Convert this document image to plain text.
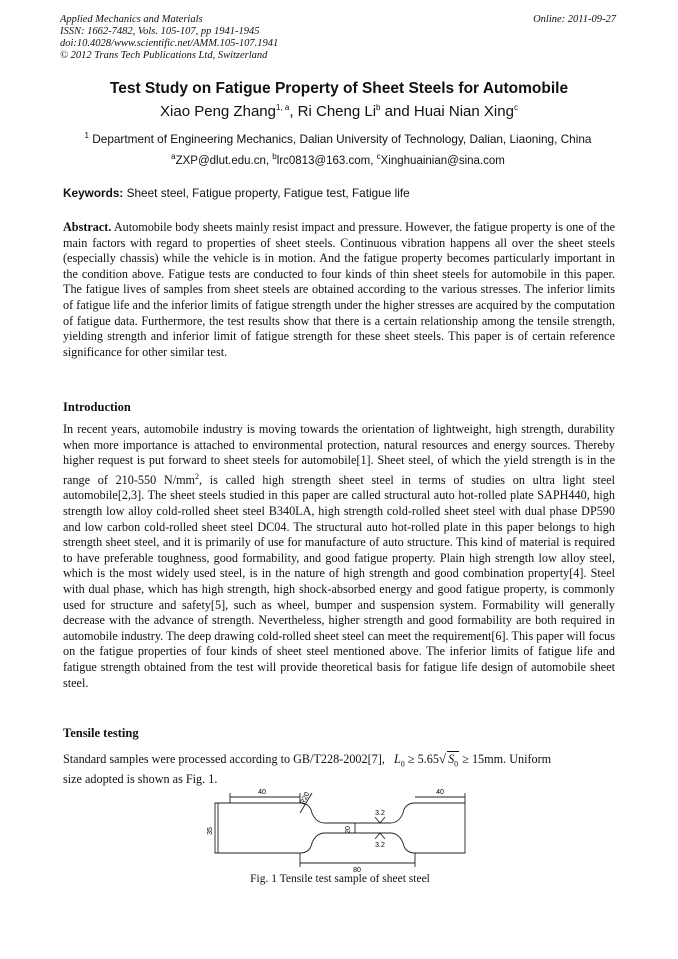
Applied Mechanics and Materials
ISSN: 1662-7482, Vols. 105-107, pp 1941-1945
doi:10.4028/www.scientific.net/AMM.105-107.1941
© 2012 Trans Tech Publications Ltd, Switzerland
Online: 2011-09-27
Test Study on Fatigue Property of Sheet Steels for Automobile
Xiao Peng Zhang$^{1, a}$, Ri Cheng Li$^b$ and Huai Nian Xing$^c$
$^1$ Department of Engineering Mechanics, Dalian University of Technology, Dalian, Liaoning, China
$^a$ZXP@dlut.edu.cn, $^b$lrc0813@163.com, $^c$Xinghuainian@sina.com
Keywords: Sheet steel, Fatigue property, Fatigue test, Fatigue life

Abstract. Automobile body sheets mainly resist impact and pressure. However, the fatigue property is one of the main factors with regard to properties of sheet steels. Continuous vibration happens all over the sheet steels (especially chassis) while the vehicle is in motion. And the fatigue property becomes particularly important in the condition above. Fatigue tests are conducted to four kinds of thin sheet steels for automobile in this paper. The fatigue lives of samples from sheet steels are obtained according to the various stresses. The inferior limits of fatigue life and the inferior limits of fatigue strength under the higher stresses are acquired by the computation of fatigue data. Furthermore, the test results show that there is a certain relationship among the tensile strength, yielding strength and inferior limit of fatigue strength for these sheet steels. This paper is of certain reference significance for other similar test.

Introduction

In recent years, automobile industry is moving towards the orientation of lightweight, high strength, durability when more importance is attached to environmental protection, natural resources and energy sources. Thereby higher request is put forward to sheet steels for automobile[1]. Sheet steel, of which the yield strength is in the range of 210-550 $N/mm^2$, is called high strength sheet steel in terms of studies on ultra light steel automobile[2,3]. The sheet steels studied in this paper are called structural auto hot-rolled plate SAPH440, high strength low alloy cold-rolled sheet steel B340LA, high strength cold-rolled sheet steel with dual phase DP590 and low carbon cold-rolled sheet steel DC04. The structural auto hot-rolled plate in this paper belongs to high strength sheet steel, and it is primarily of use for manufacture of auto structure. This kind of material is required to have preferable toughness, good formability, and good fatigue property. Plain high strength low alloy steel, which is the most widely used steel, is in the nature of high strength and good combination property[4]. Steel with dual phase, which has high strength, high shock-absorbed energy and good fatigue property, is commonly used for structure and safety[5], such as wheel, bumper and suspension system. Formability will generally decrease with the advance of strength. Nevertheless, higher strength and good formability are both required in automobile industry. The deep drawing cold-rolled sheet steel can meet the requirement[6]. This paper will focus on the fatigue properties of four kinds of sheet steel mentioned above. The inferior limits of fatigue life and fatigue strength obtained from the test will provide theoretical basis for fatigue life design of automobile sheet steel.

Tensile testing
Standard samples were processed according to GB/T228-2002[7], $L_0 \ge 5.65√$ $S_0 \ge 15mm$. Uniform
size adopted is shown as Fig. 1.
40	40
R20
3.2
3.2
35	20
80
Fig. 1 Tensile test sample of sheet steel
